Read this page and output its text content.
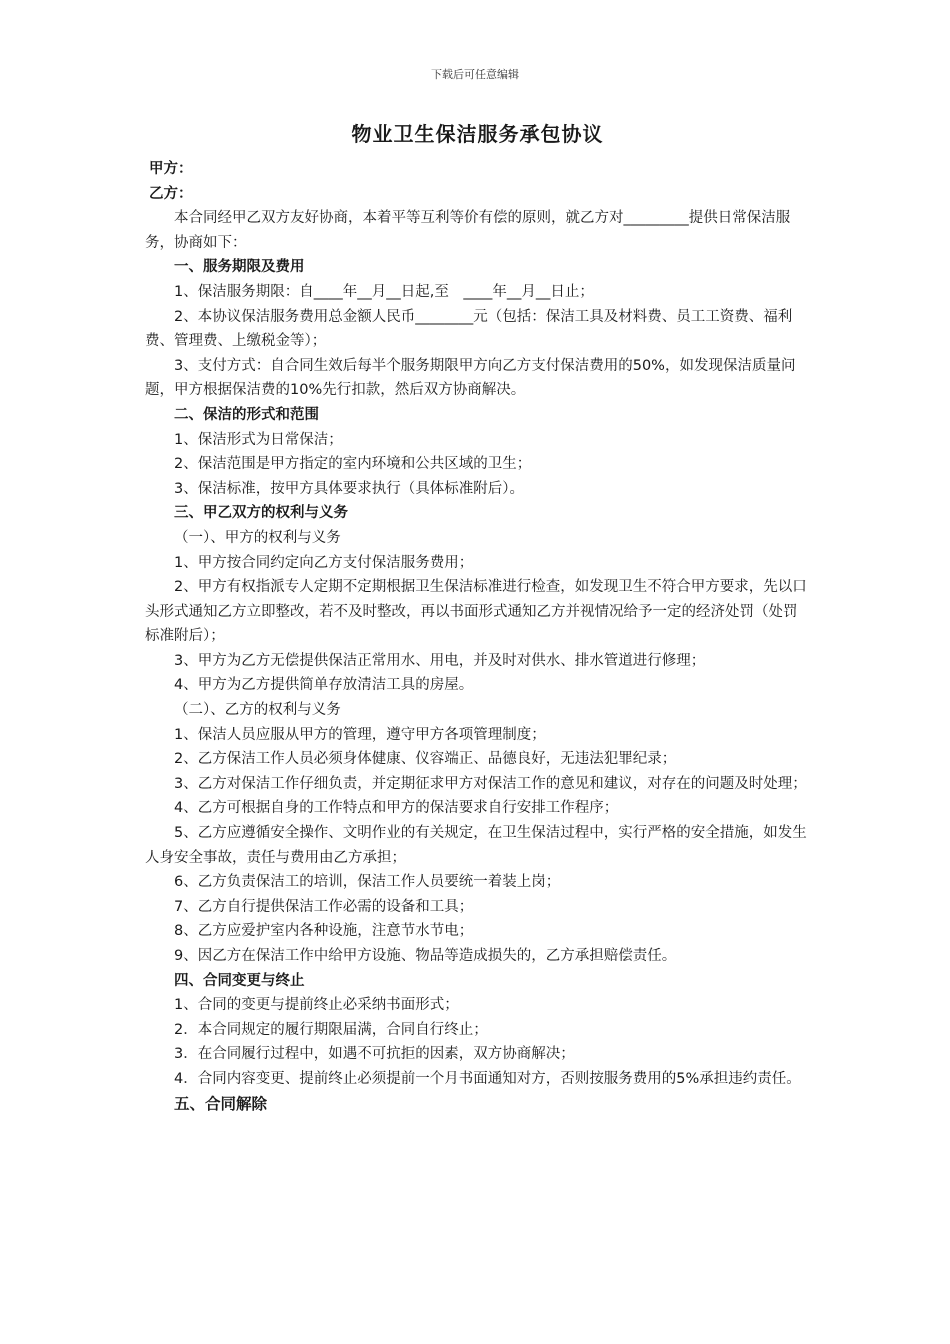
下载后可任意编辑
物业卫生保洁服务承包协议

甲方：

乙方：

本合同经甲乙双方友好协商，本着平等互利等价有偿的原则，就乙方对_________提供日常保洁服务，协商如下：

一、服务期限及费用

1、保洁服务期限：自____年__月__日起,至　____年__月__日止；

2、本协议保洁服务费用总金额人民币________元（包括：保洁工具及材料费、员工工资费、福利费、管理费、上缴税金等）；

3、支付方式：自合同生效后每半个服务期限甲方向乙方支付保洁费用的50%，如发现保洁质量问题，甲方根据保洁费的10%先行扣款，然后双方协商解决。

二、保洁的形式和范围

1、保洁形式为日常保洁；

2、保洁范围是甲方指定的室内环境和公共区域的卫生；

3、保洁标准，按甲方具体要求执行（具体标准附后）。

三、甲乙双方的权利与义务

（一）、甲方的权利与义务

1、甲方按合同约定向乙方支付保洁服务费用；

2、甲方有权指派专人定期不定期根据卫生保洁标准进行检查，如发现卫生不符合甲方要求，先以口头形式通知乙方立即整改，若不及时整改，再以书面形式通知乙方并视情况给予一定的经济处罚（处罚标准附后）；

3、甲方为乙方无偿提供保洁正常用水、用电，并及时对供水、排水管道进行修理；

4、甲方为乙方提供简单存放清洁工具的房屋。

（二）、乙方的权利与义务

1、保洁人员应服从甲方的管理，遵守甲方各项管理制度；

2、乙方保洁工作人员必须身体健康、仪容端正、品德良好，无违法犯罪纪录；

3、乙方对保洁工作仔细负责，并定期征求甲方对保洁工作的意见和建议，对存在的问题及时处理；

4、乙方可根据自身的工作特点和甲方的保洁要求自行安排工作程序；

5、乙方应遵循安全操作、文明作业的有关规定，在卫生保洁过程中，实行严格的安全措施，如发生人身安全事故，责任与费用由乙方承担；

6、乙方负责保洁工的培训，保洁工作人员要统一着装上岗；

7、乙方自行提供保洁工作必需的设备和工具；

8、乙方应爱护室内各种设施，注意节水节电；

9、因乙方在保洁工作中给甲方设施、物品等造成损失的，乙方承担赔偿责任。

四、合同变更与终止

1、合同的变更与提前终止必采纳书面形式；

2．本合同规定的履行期限届满，合同自行终止；

3．在合同履行过程中，如遇不可抗拒的因素，双方协商解决；

4．合同内容变更、提前终止必须提前一个月书面通知对方，否则按服务费用的5%承担违约责任。

五、合同解除
